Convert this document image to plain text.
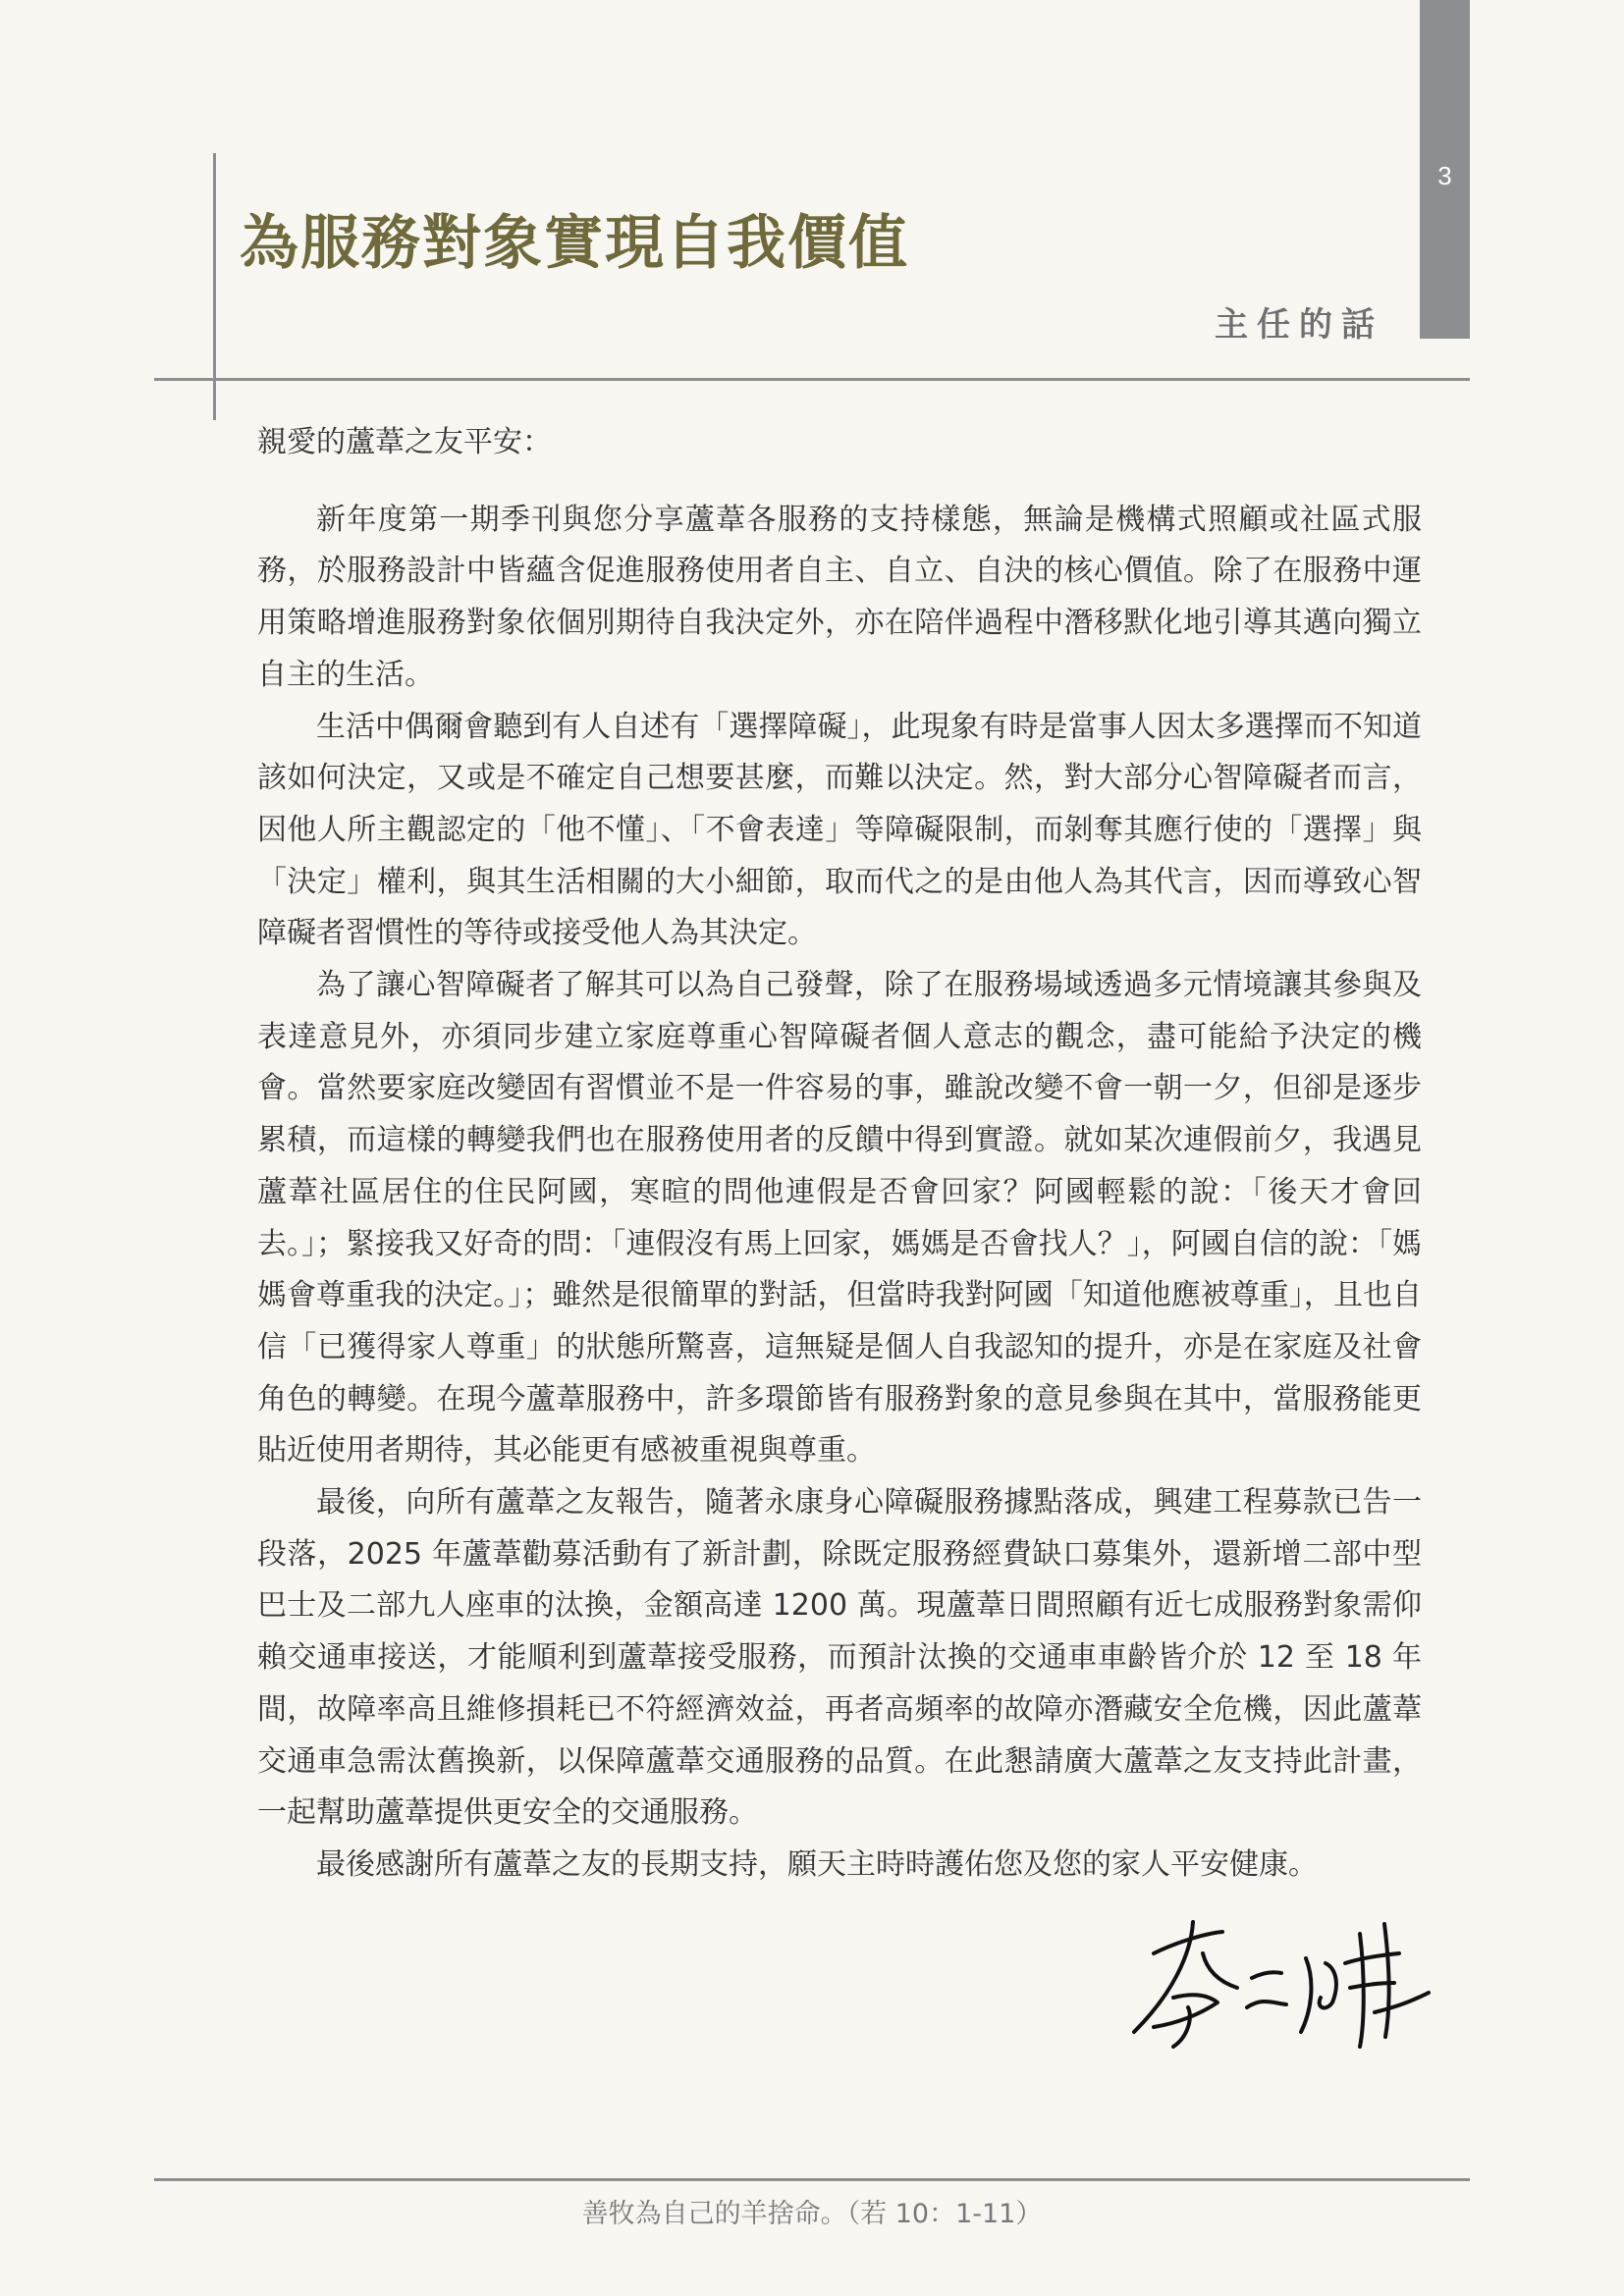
3
為服務對象實現自我價值
主任的話

親愛的蘆葦之友平安：

新年度第一期季刊與您分享蘆葦各服務的支持樣態，無論是機構式照顧或社區式服務，於服務設計中皆蘊含促進服務使用者自主、自立、自決的核心價值。除了在服務中運用策略增進服務對象依個別期待自我決定外，亦在陪伴過程中潛移默化地引導其邁向獨立自主的生活。

生活中偶爾會聽到有人自述有「選擇障礙」，此現象有時是當事人因太多選擇而不知道該如何決定，又或是不確定自己想要甚麼，而難以決定。然，對大部分心智障礙者而言，因他人所主觀認定的「他不懂」、「不會表達」等障礙限制，而剝奪其應行使的「選擇」與「決定」權利，與其生活相關的大小細節，取而代之的是由他人為其代言，因而導致心智障礙者習慣性的等待或接受他人為其決定。

為了讓心智障礙者了解其可以為自己發聲，除了在服務場域透過多元情境讓其參與及表達意見外，亦須同步建立家庭尊重心智障礙者個人意志的觀念，盡可能給予決定的機會。當然要家庭改變固有習慣並不是一件容易的事，雖說改變不會一朝一夕，但卻是逐步累積，而這樣的轉變我們也在服務使用者的反饋中得到實證。就如某次連假前夕，我遇見蘆葦社區居住的住民阿國，寒暄的問他連假是否會回家？阿國輕鬆的說：「後天才會回去。」；緊接我又好奇的問：「連假沒有馬上回家，媽媽是否會找人？」，阿國自信的說：「媽媽會尊重我的決定。」；雖然是很簡單的對話，但當時我對阿國「知道他應被尊重」，且也自信「已獲得家人尊重」的狀態所驚喜，這無疑是個人自我認知的提升，亦是在家庭及社會角色的轉變。在現今蘆葦服務中，許多環節皆有服務對象的意見參與在其中，當服務能更貼近使用者期待，其必能更有感被重視與尊重。

最後，向所有蘆葦之友報告，隨著永康身心障礙服務據點落成，興建工程募款已告一段落，2025 年蘆葦勸募活動有了新計劃，除既定服務經費缺口募集外，還新增二部中型巴士及二部九人座車的汰換，金額高達 1200 萬。現蘆葦日間照顧有近七成服務對象需仰賴交通車接送，才能順利到蘆葦接受服務，而預計汰換的交通車車齡皆介於 12 至 18 年間，故障率高且維修損耗已不符經濟效益，再者高頻率的故障亦潛藏安全危機，因此蘆葦交通車急需汰舊換新，以保障蘆葦交通服務的品質。在此懇請廣大蘆葦之友支持此計畫，一起幫助蘆葦提供更安全的交通服務。

最後感謝所有蘆葦之友的長期支持，願天主時時護佑您及您的家人平安健康。

善牧為自己的羊捨命。（若 10：1-11）
